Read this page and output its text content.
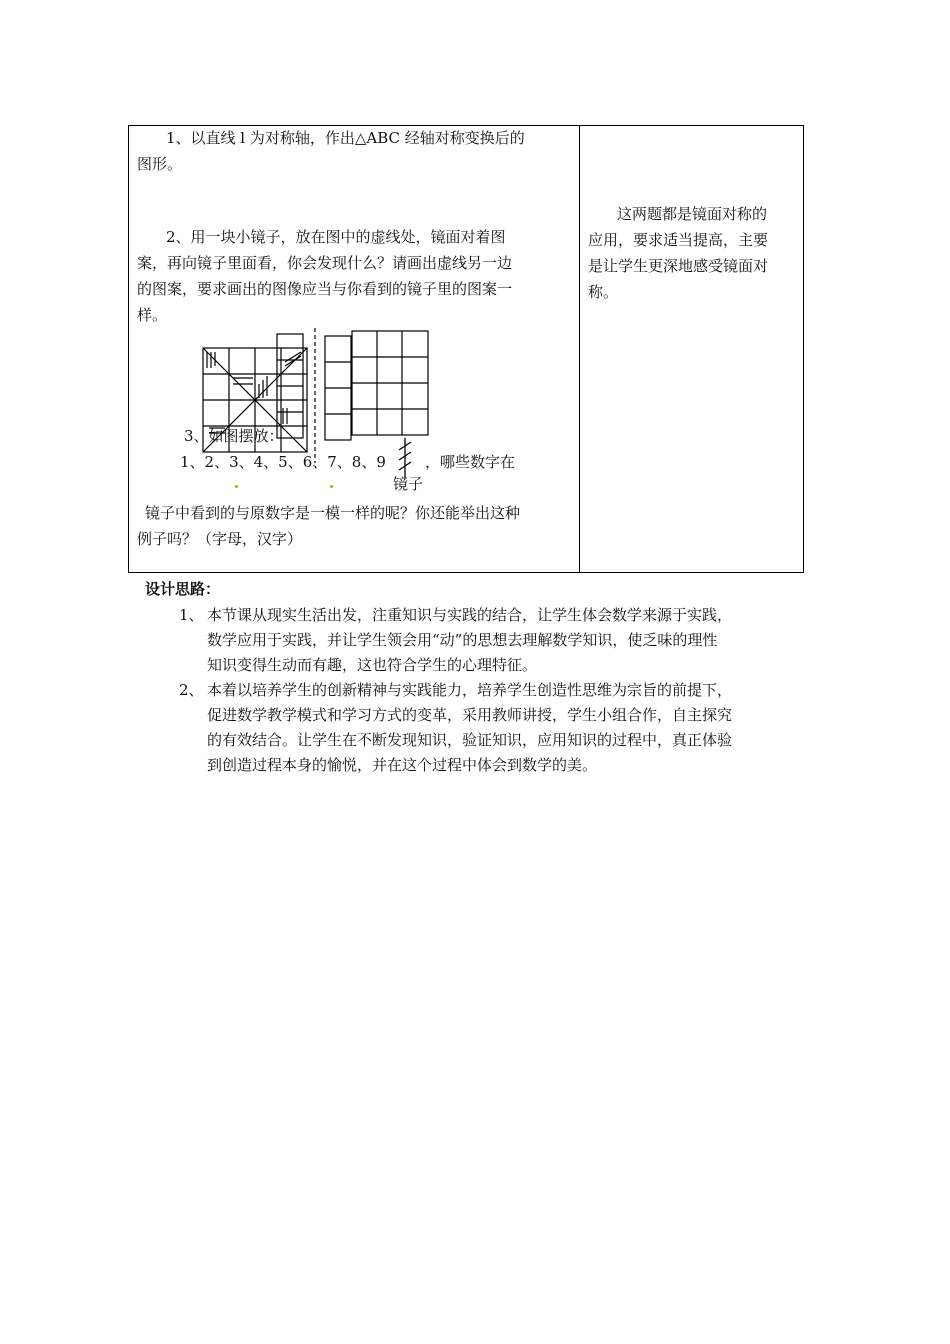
1、以直线 l 为对称轴，作出△ABC 经轴对称变换后的
图形。
2、用一块小镜子，放在图中的虚线处，镜面对着图
案，再向镜子里面看，你会发现什么？请画出虚线另一边
的图案，要求画出的图像应当与你看到的镜子里的图案一
样。
3、如图摆放：
1、2、3、4、5、6、7、8、9	，哪些数字在
镜子
镜子中看到的与原数字是一模一样的呢？你还能举出这种
例子吗？（字母，汉字）
这两题都是镜面对称的
应用，要求适当提高，主要
是让学生更深地感受镜面对
称。
设计思路：
1、 本节课从现实生活出发，注重知识与实践的结合，让学生体会数学来源于实践，
数学应用于实践，并让学生领会用“动”的思想去理解数学知识，使乏味的理性
知识变得生动而有趣，这也符合学生的心理特征。
2、 本着以培养学生的创新精神与实践能力，培养学生创造性思维为宗旨的前提下，
促进数学教学模式和学习方式的变革，采用教师讲授，学生小组合作，自主探究
的有效结合。让学生在不断发现知识，验证知识，应用知识的过程中，真正体验
到创造过程本身的愉悦，并在这个过程中体会到数学的美。
